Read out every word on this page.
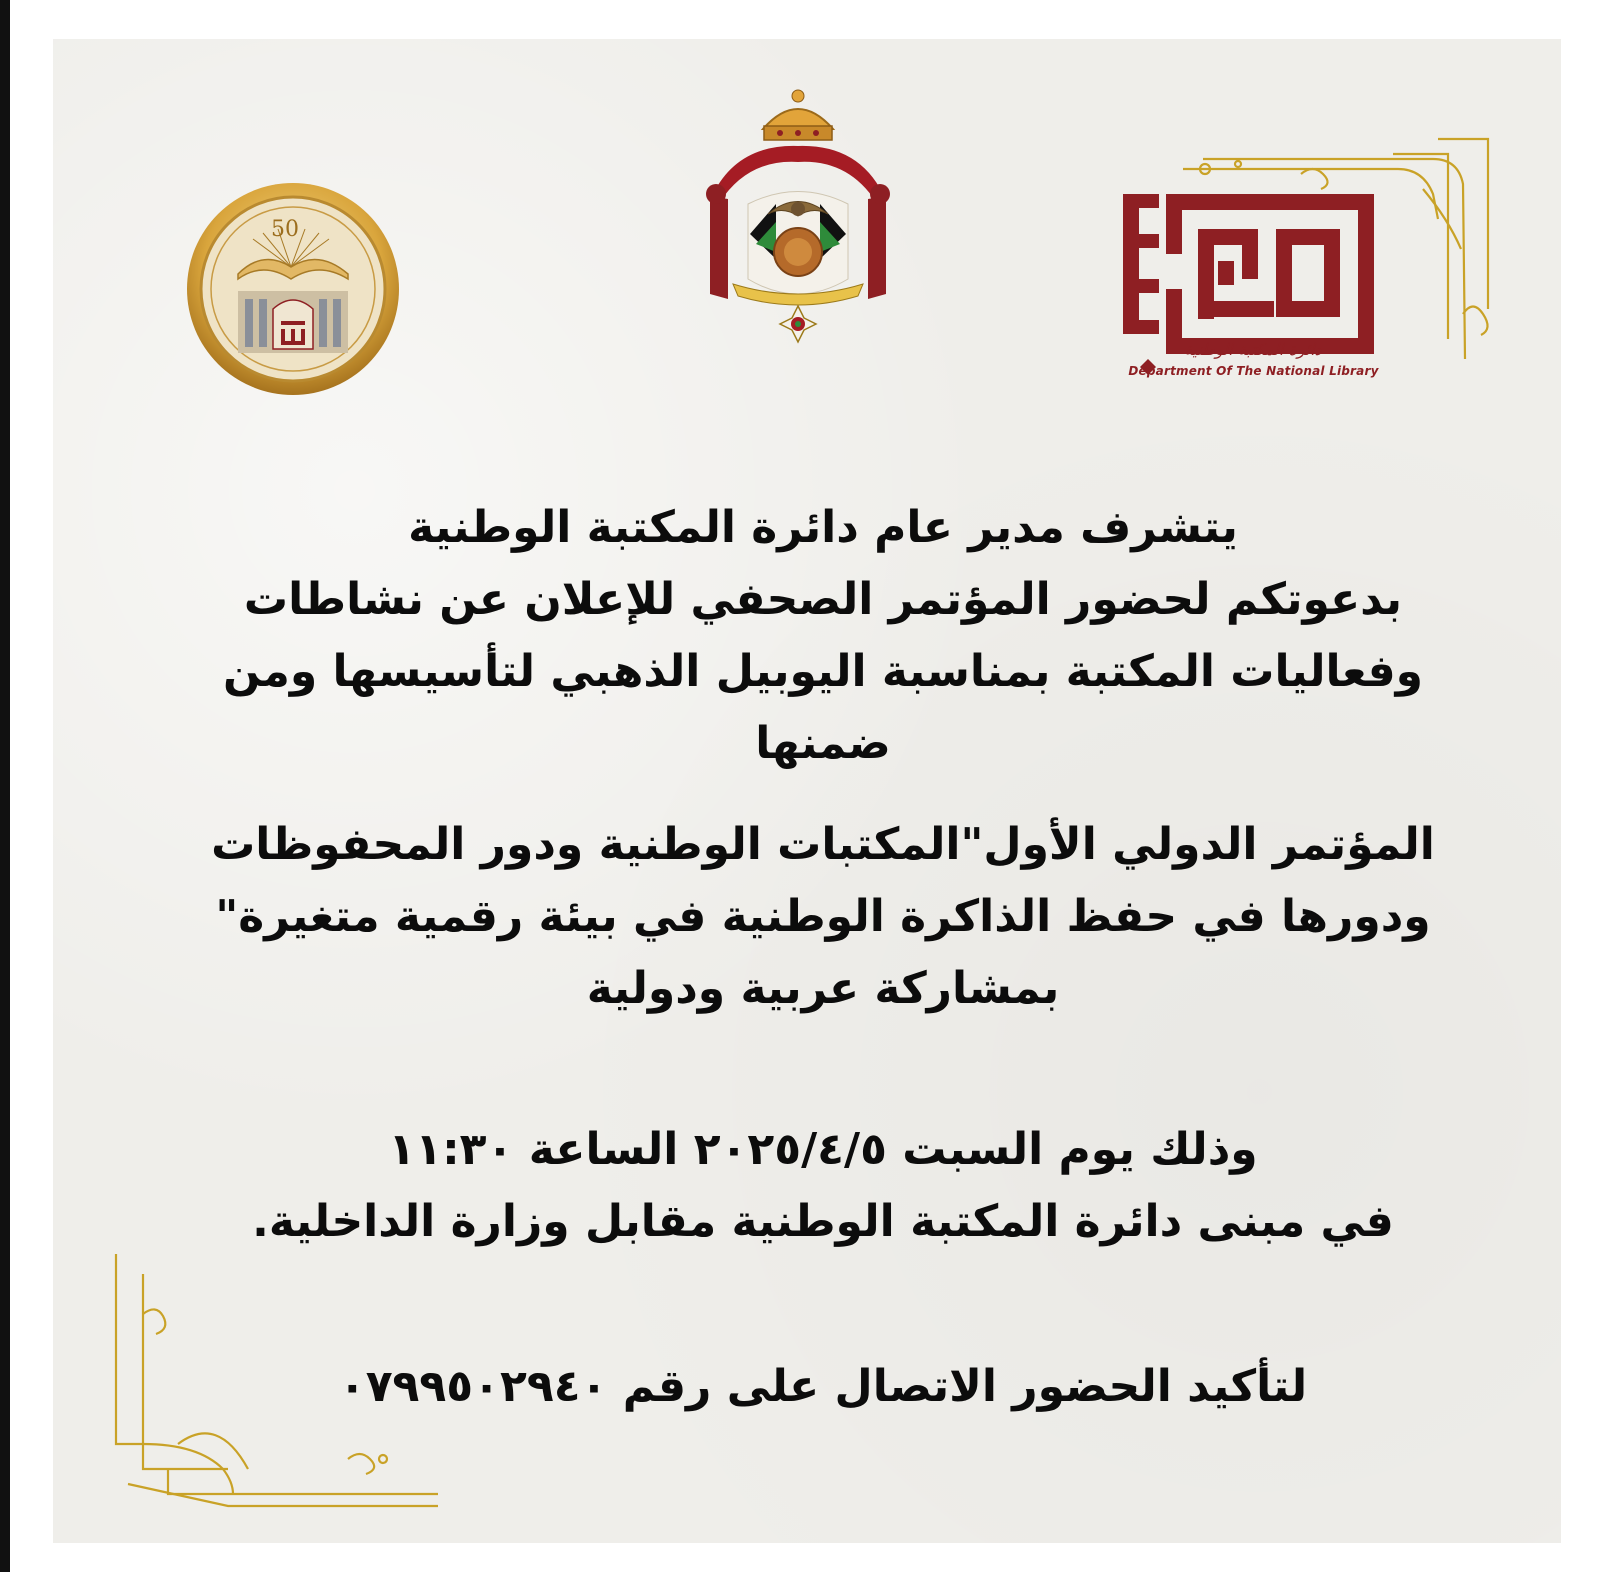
50
دائرة المكتبة الوطنية
Department Of The National Library

يتشرف مدير عام دائرة المكتبة الوطنية

بدعوتكم لحضور المؤتمر الصحفي للإعلان عن نشاطات

وفعاليات المكتبة بمناسبة اليوبيل الذهبي لتأسيسها ومن ضمنها

المؤتمر الدولي الأول"المكتبات الوطنية ودور المحفوظات

ودورها في حفظ الذاكرة الوطنية في بيئة رقمية متغيرة"

بمشاركة عربية ودولية

وذلك يوم السبت ٢٠٢٥/٤/٥ الساعة ١١:٣٠

في مبنى دائرة المكتبة الوطنية مقابل وزارة الداخلية.

لتأكيد الحضور الاتصال على رقم ٠٧٩٩٥٠٢٩٤٠
